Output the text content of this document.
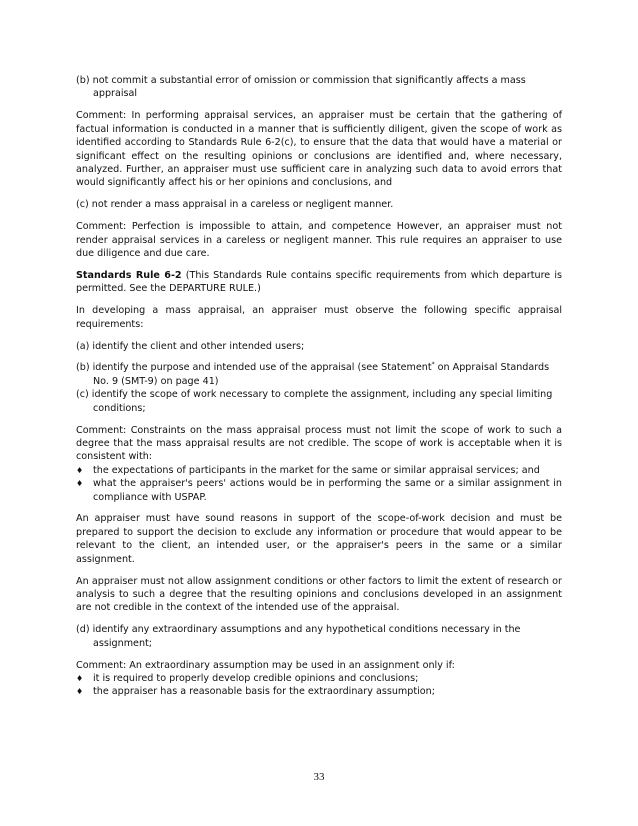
(b) not commit a substantial error of omission or commission that significantly affects a mass appraisal

Comment: In performing appraisal services, an appraiser must be certain that the gathering of factual information is conducted in a manner that is sufficiently diligent, given the scope of work as identified according to Standards Rule 6-2(c), to ensure that the data that would have a material or significant effect on the resulting opinions or conclusions are identified and, where necessary, analyzed. Further, an appraiser must use sufficient care in analyzing such data to avoid errors that would significantly affect his or her opinions and conclusions, and

(c) not render a mass appraisal in a careless or negligent manner.

Comment: Perfection is impossible to attain, and competence However, an appraiser must not render appraisal services in a careless or negligent manner. This rule requires an appraiser to use due diligence and due care.

Standards Rule 6-2 (This Standards Rule contains specific requirements from which departure is permitted. See the DEPARTURE RULE.)

In developing a mass appraisal, an appraiser must observe the following specific appraisal requirements:

(a) identify the client and other intended users;

(b) identify the purpose and intended use of the appraisal (see Statement* on Appraisal Standards No. 9 (SMT-9) on page 41)

(c) identify the scope of work necessary to complete the assignment, including any special limiting conditions;

Comment: Constraints on the mass appraisal process must not limit the scope of work to such a degree that the mass appraisal results are not credible. The scope of work is acceptable when it is consistent with:

♦ the expectations of participants in the market for the same or similar appraisal services; and
♦ what the appraiser's peers' actions would be in performing the same or a similar assignment in compliance with USPAP.

An appraiser must have sound reasons in support of the scope-of-work decision and must be prepared to support the decision to exclude any information or procedure that would appear to be relevant to the client, an intended user, or the appraiser's peers in the same or a similar assignment.

An appraiser must not allow assignment conditions or other factors to limit the extent of research or analysis to such a degree that the resulting opinions and conclusions developed in an assignment are not credible in the context of the intended use of the appraisal.

(d) identify any extraordinary assumptions and any hypothetical conditions necessary in the assignment;

Comment: An extraordinary assumption may be used in an assignment only if:

♦ it is required to properly develop credible opinions and conclusions;
♦ the appraiser has a reasonable basis for the extraordinary assumption;
33
